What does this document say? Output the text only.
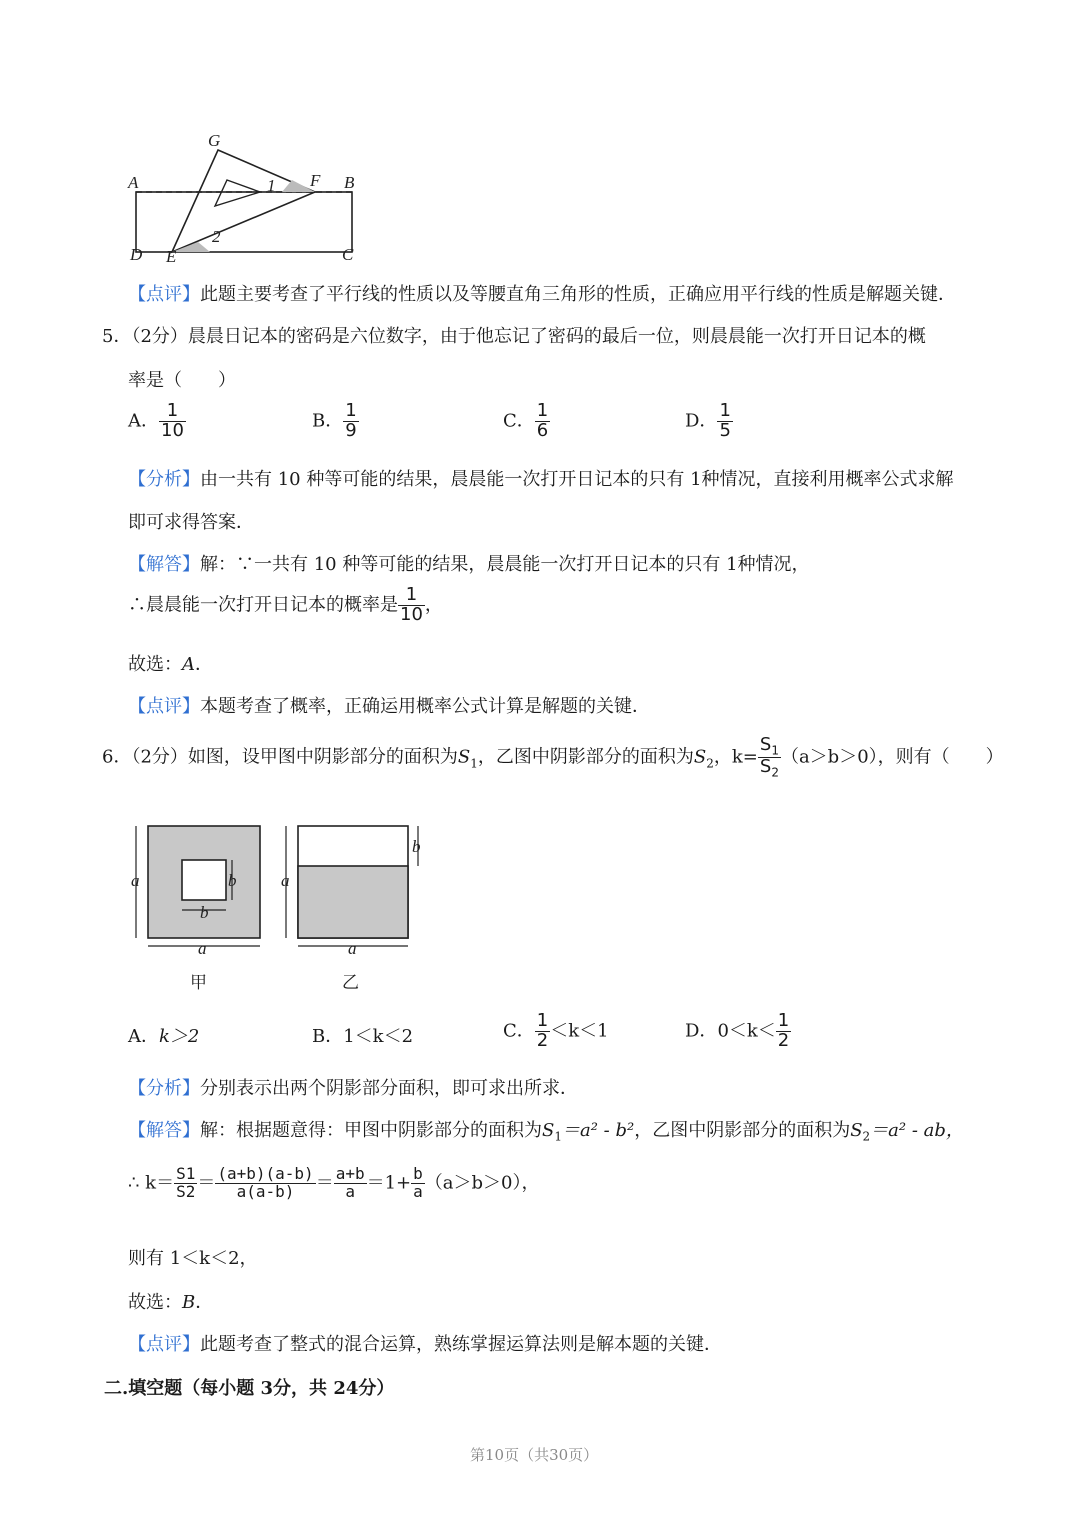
G
A	1 F B
D E
2
C
【点评】此题主要考查了平行线的性质以及等腰直角三角形的性质，正确应用平行线的性质是解题关键．
5．（2分）晨晨日记本的密码是六位数字，由于他忘记了密码的最后一位，则晨晨能一次打开日记本的概
率是（　　）
A． $\frac{1}{10}$	B． $\frac{1}{9}$	C． $\frac{1}{6}$	D． $\frac{1}{5}$
【分析】由一共有 10 种等可能的结果，晨晨能一次打开日记本的只有 1种情况，直接利用概率公式求解
即可求得答案．
【解答】解：∵一共有 10 种等可能的结果，晨晨能一次打开日记本的只有 1种情况，
∴晨晨能一次打开日记本的概率是 $\frac{1}{10}$ ，
故选：A．
【点评】本题考查了概率，正确运用概率公式计算是解题的关键．
6．（2分）如图，设甲图中阴影部分的面积为$S_1$，乙图中阴影部分的面积为$S_2$，$k= \frac{S_1}{S_2} (a>b>0)$，则有（　　）
a
a
b
b
甲
a
a
b
乙
A．k＞2	B．1＜k＜2	C． $\frac{1}{2} <k<1$	D．$0<k< \frac{1}{2}$
【分析】分别表示出两个阴影部分面积，即可求出所求．
【解答】解：根据题意得：甲图中阴影部分的面积为$S_1=a^2 - b^2$，乙图中阴影部分的面积为$S_2=a^2$ - ab，
∴ $k= \frac{S1}{S2} = \frac{(a+b)(a-b)}{a(a-b)} = \frac{a+b}{a} =1+ \frac{b}{a} (a>b>0)$，
则有 1＜k＜2，
故选：B．
【点评】此题考查了整式的混合运算，熟练掌握运算法则是解本题的关键．
二.填空题（每小题 3分，共 24分）
第10页（共30页）
